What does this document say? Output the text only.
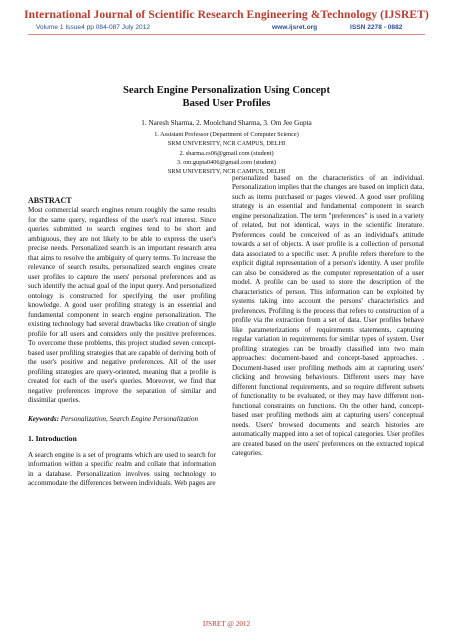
International Journal of Scientific Research Engineering &Technology (IJSRET)
Volume 1 Issue4 pp 084-087 July 2012	www.ijsret.org	ISSN 2278 - 0882
Search Engine Personalization Using Concept
Based User Profiles
1. Naresh Sharma, 2. Moolchand Sharma, 3. Om Jee Gupta
1. Assistant Professor (Department of Computer Science)
SRM UNIVERSITY, NCR CAMPUS, DELHI
2. sharma.cs06@gmail.com (student)
3. om.gupta0406@gmail.com (student)
SRM UNIVERSITY, NCR CAMPUS, DELHI
ABSTRACT

Most commercial search engines return roughly the same results for the same query, regardless of the user's real interest. Since queries submitted to search engines tend to be short and ambiguous, they are not likely to be able to express the user's precise needs. Personalized search is an important research area that aims to resolve the ambiguity of query terms. To increase the relevance of search results, personalized search engines create user profiles to capture the users' personal preferences and as such identify the actual goal of the input query. And personalized ontology is constructed for specifying the user profiling knowledge. A good user profiling strategy is an essential and fundamental component in search engine personalization. The existing technology had several drawbacks like creation of single profile for all users and considers only the positive preferences. To overcome these problems, this project studied seven concept-based user profiling strategies that are capable of deriving both of the user's positive and negative preferences. All of the user profiling strategies are query-oriented, meaning that a profile is created for each of the user's queries. Moreover, we find that negative preferences improve the separation of similar and dissimilar queries.

Keywords: Personalization, Search Engine Personalization

1. Introduction

A search engine is a set of programs which are used to search for information within a specific realm and collate that information in a database. Personalization involves using technology to accommodate the differences between individuals. Web pages are

personalized based on the characteristics of an individual. Personalization implies that the changes are based on implicit data, such as items purchased or pages viewed. A good user profiling strategy is an essential and fundamental component in search engine personalization. The term "preferences" is used in a variety of related, but not identical, ways in the scientific literature. Preferences could be conceived of as an individual's attitude towards a set of objects. A user profile is a collection of personal data associated to a specific user. A profile refers therefore to the explicit digital representation of a person's identity. A user profile can also be considered as the computer representation of a user model. A profile can be used to store the description of the characteristics of person. This information can be exploited by systems taking into account the persons' characteristics and preferences. Profiling is the process that refers to construction of a profile via the extraction from a set of data. User profiles behave like parameterizations of requirements statements, capturing regular variation in requirements for similar types of system. User profiling strategies can be broadly classified into two main approaches: document-based and concept-based approaches. . Document-based user profiling methods aim at capturing users' clicking and browsing behaviours. Different users may have different functional requirements, and so require different subsets of functionality to be evaluated, or they may have different non-functional constraints on functions. On the other hand, concept-based user profiling methods aim at capturing users' conceptual needs. Users' browsed documents and search histories are automatically mapped into a set of topical categories. User profiles are created based on the users' preferences on the extracted topical categories.

IJSRET @ 2012
